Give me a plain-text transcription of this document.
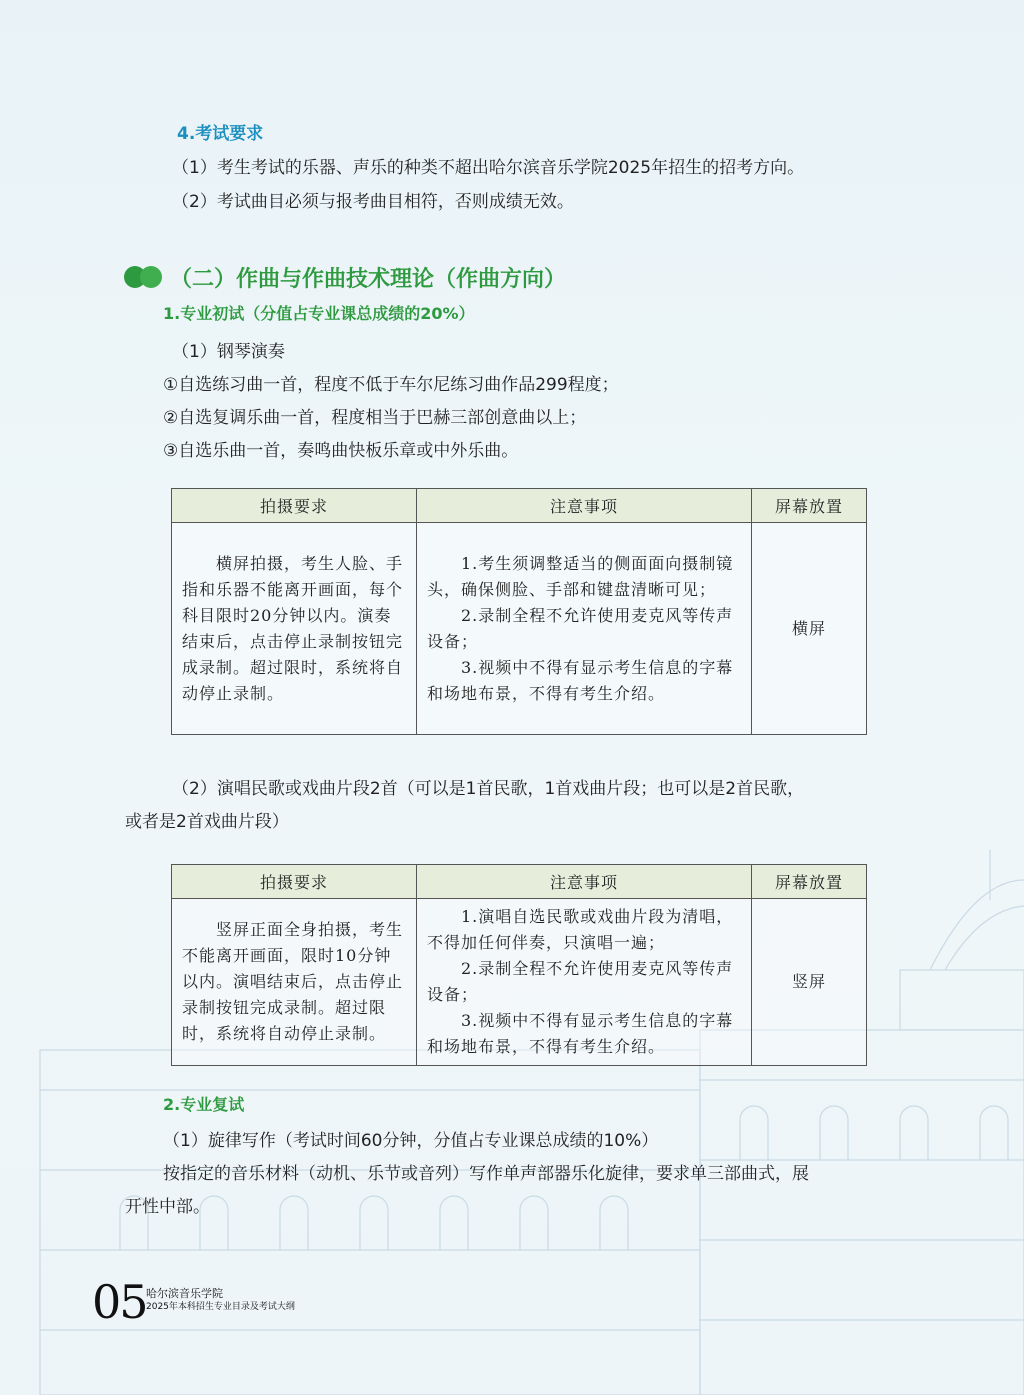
4.考试要求
（1）考生考试的乐器、声乐的种类不超出哈尔滨音乐学院2025年招生的招考方向。
（2）考试曲目必须与报考曲目相符，否则成绩无效。
（二）作曲与作曲技术理论（作曲方向）
1.专业初试（分值占专业课总成绩的20%）
（1）钢琴演奏
①自选练习曲一首，程度不低于车尔尼练习曲作品299程度；
②自选复调乐曲一首，程度相当于巴赫三部创意曲以上；
③自选乐曲一首，奏鸣曲快板乐章或中外乐曲。
拍摄要求	注意事项	屏幕放置

　　横屏拍摄，考生人脸、手指和乐器不能离开画面，每个科目限时20分钟以内。演奏结束后，点击停止录制按钮完成录制。超过限时，系统将自动停止录制。	　　1.考生须调整适当的侧面面向摄制镜头，确保侧脸、手部和键盘清晰可见；
　　2.录制全程不允许使用麦克风等传声设备；
　　3.视频中不得有显示考生信息的字幕和场地布景，不得有考生介绍。	横屏
（2）演唱民歌或戏曲片段2首（可以是1首民歌，1首戏曲片段；也可以是2首民歌，
或者是2首戏曲片段）
拍摄要求	注意事项	屏幕放置

　　竖屏正面全身拍摄，考生不能离开画面，限时10分钟以内。演唱结束后，点击停止录制按钮完成录制。超过限时，系统将自动停止录制。	　　1.演唱自选民歌或戏曲片段为清唱，不得加任何伴奏，只演唱一遍；
　　2.录制全程不允许使用麦克风等传声设备；
　　3.视频中不得有显示考生信息的字幕和场地布景，不得有考生介绍。	竖屏
2.专业复试
（1）旋律写作（考试时间60分钟，分值占专业课总成绩的10%）
按指定的音乐材料（动机、乐节或音列）写作单声部器乐化旋律，要求单三部曲式，展
开性中部。
05 哈尔滨音乐学院
2025年本科招生专业目录及考试大纲
